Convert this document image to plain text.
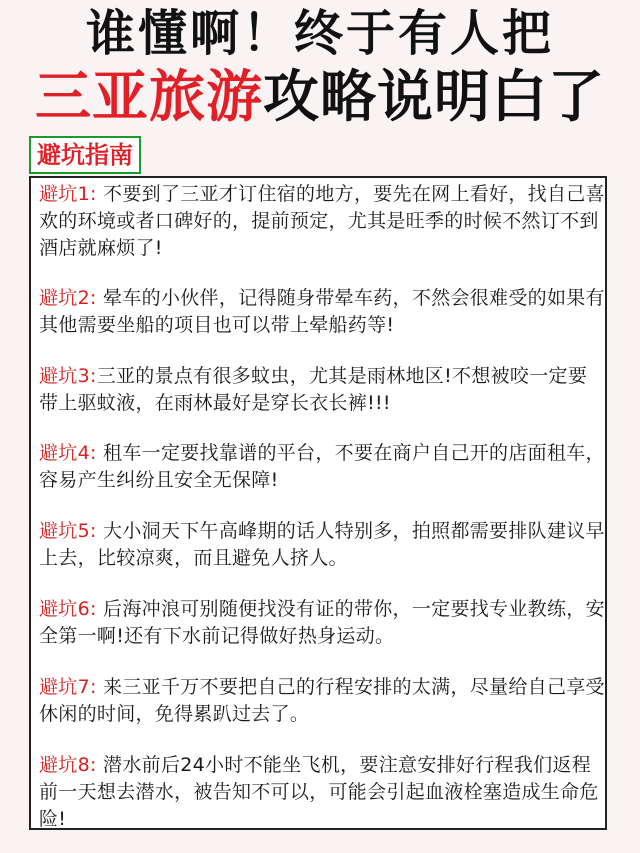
谁懂啊！终于有人把
三亚旅游攻略说明白了
避坑指南
避坑1: 不要到了三亚才订住宿的地方，要先在网上看好，找自己喜欢的环境或者口碑好的，提前预定，尤其是旺季的时候不然订不到酒店就麻烦了!
避坑2: 晕车的小伙伴，记得随身带晕车药，不然会很难受的如果有其他需要坐船的项目也可以带上晕船药等!
避坑3:三亚的景点有很多蚊虫，尤其是雨林地区!不想被咬一定要带上驱蚊液，在雨林最好是穿长衣长裤!!!
避坑4: 租车一定要找靠谱的平台，不要在商户自己开的店面租车，容易产生纠纷且安全无保障!
避坑5: 大小洞天下午高峰期的话人特别多，拍照都需要排队建议早上去，比较凉爽，而且避免人挤人。
避坑6: 后海冲浪可别随便找没有证的带你，一定要找专业教练，安全第一啊!还有下水前记得做好热身运动。
避坑7: 来三亚千万不要把自己的行程安排的太满，尽量给自己享受休闲的时间，免得累趴过去了。
避坑8: 潜水前后24小时不能坐飞机，要注意安排好行程我们返程前一天想去潜水，被告知不可以，可能会引起血液栓塞造成生命危险!
